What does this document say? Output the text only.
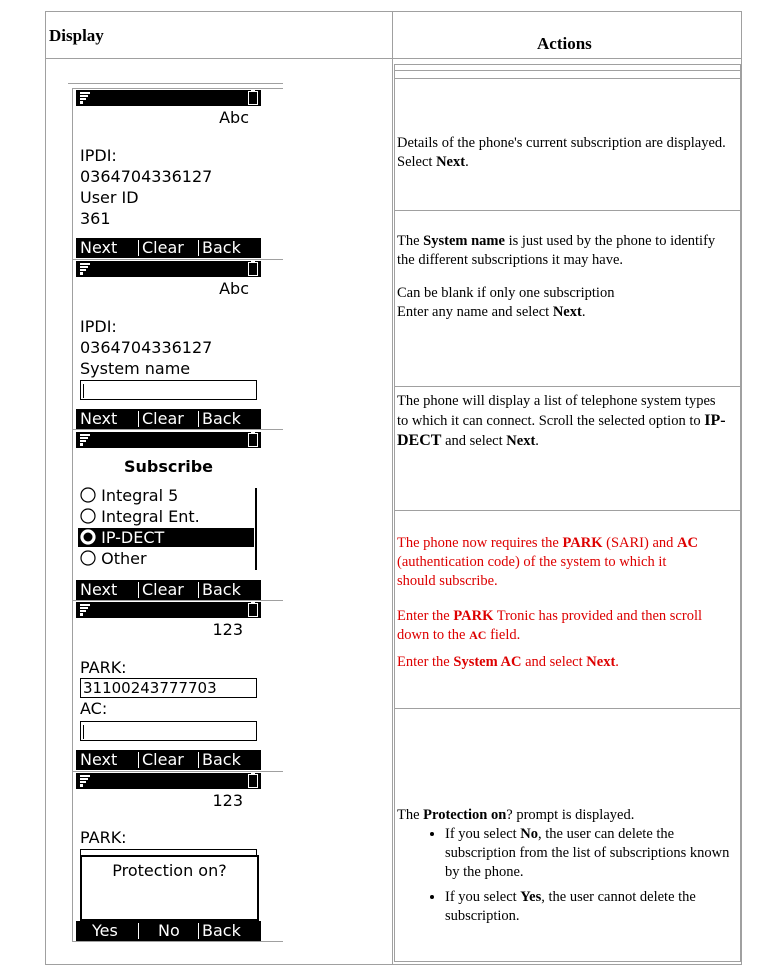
Display	Actions
Abc
IPDI:
0364704336127
User ID
361
Next Clear Back
Abc
IPDI:
0364704336127
System name
Next Clear Back
Subscribe
Integral 5
Integral Ent.
IP-DECT
Other
Next Clear Back
123
PARK:
31100243777703
AC:
Next Clear Back
123
PARK:
Protection on?
Yes	No Back
Details of the phone's current subscription are displayed. Select Next.
The System name is just used by the phone to identify the different subscriptions it may have.
Can be blank if only one subscription
Enter any name and select Next.
The phone will display a list of telephone system types to which it can connect. Scroll the selected option to IP-DECT and select Next.
The phone now requires the PARK (SARI) and AC (authentication code) of the system to which it should subscribe.
Enter the PARK Tronic has provided and then scroll down to the AC field.
Enter the System AC and select Next.
The Protection on? prompt is displayed.
• If you select No, the user can delete the subscription from the list of subscriptions known by the phone.
• If you select Yes, the user cannot delete the subscription.
